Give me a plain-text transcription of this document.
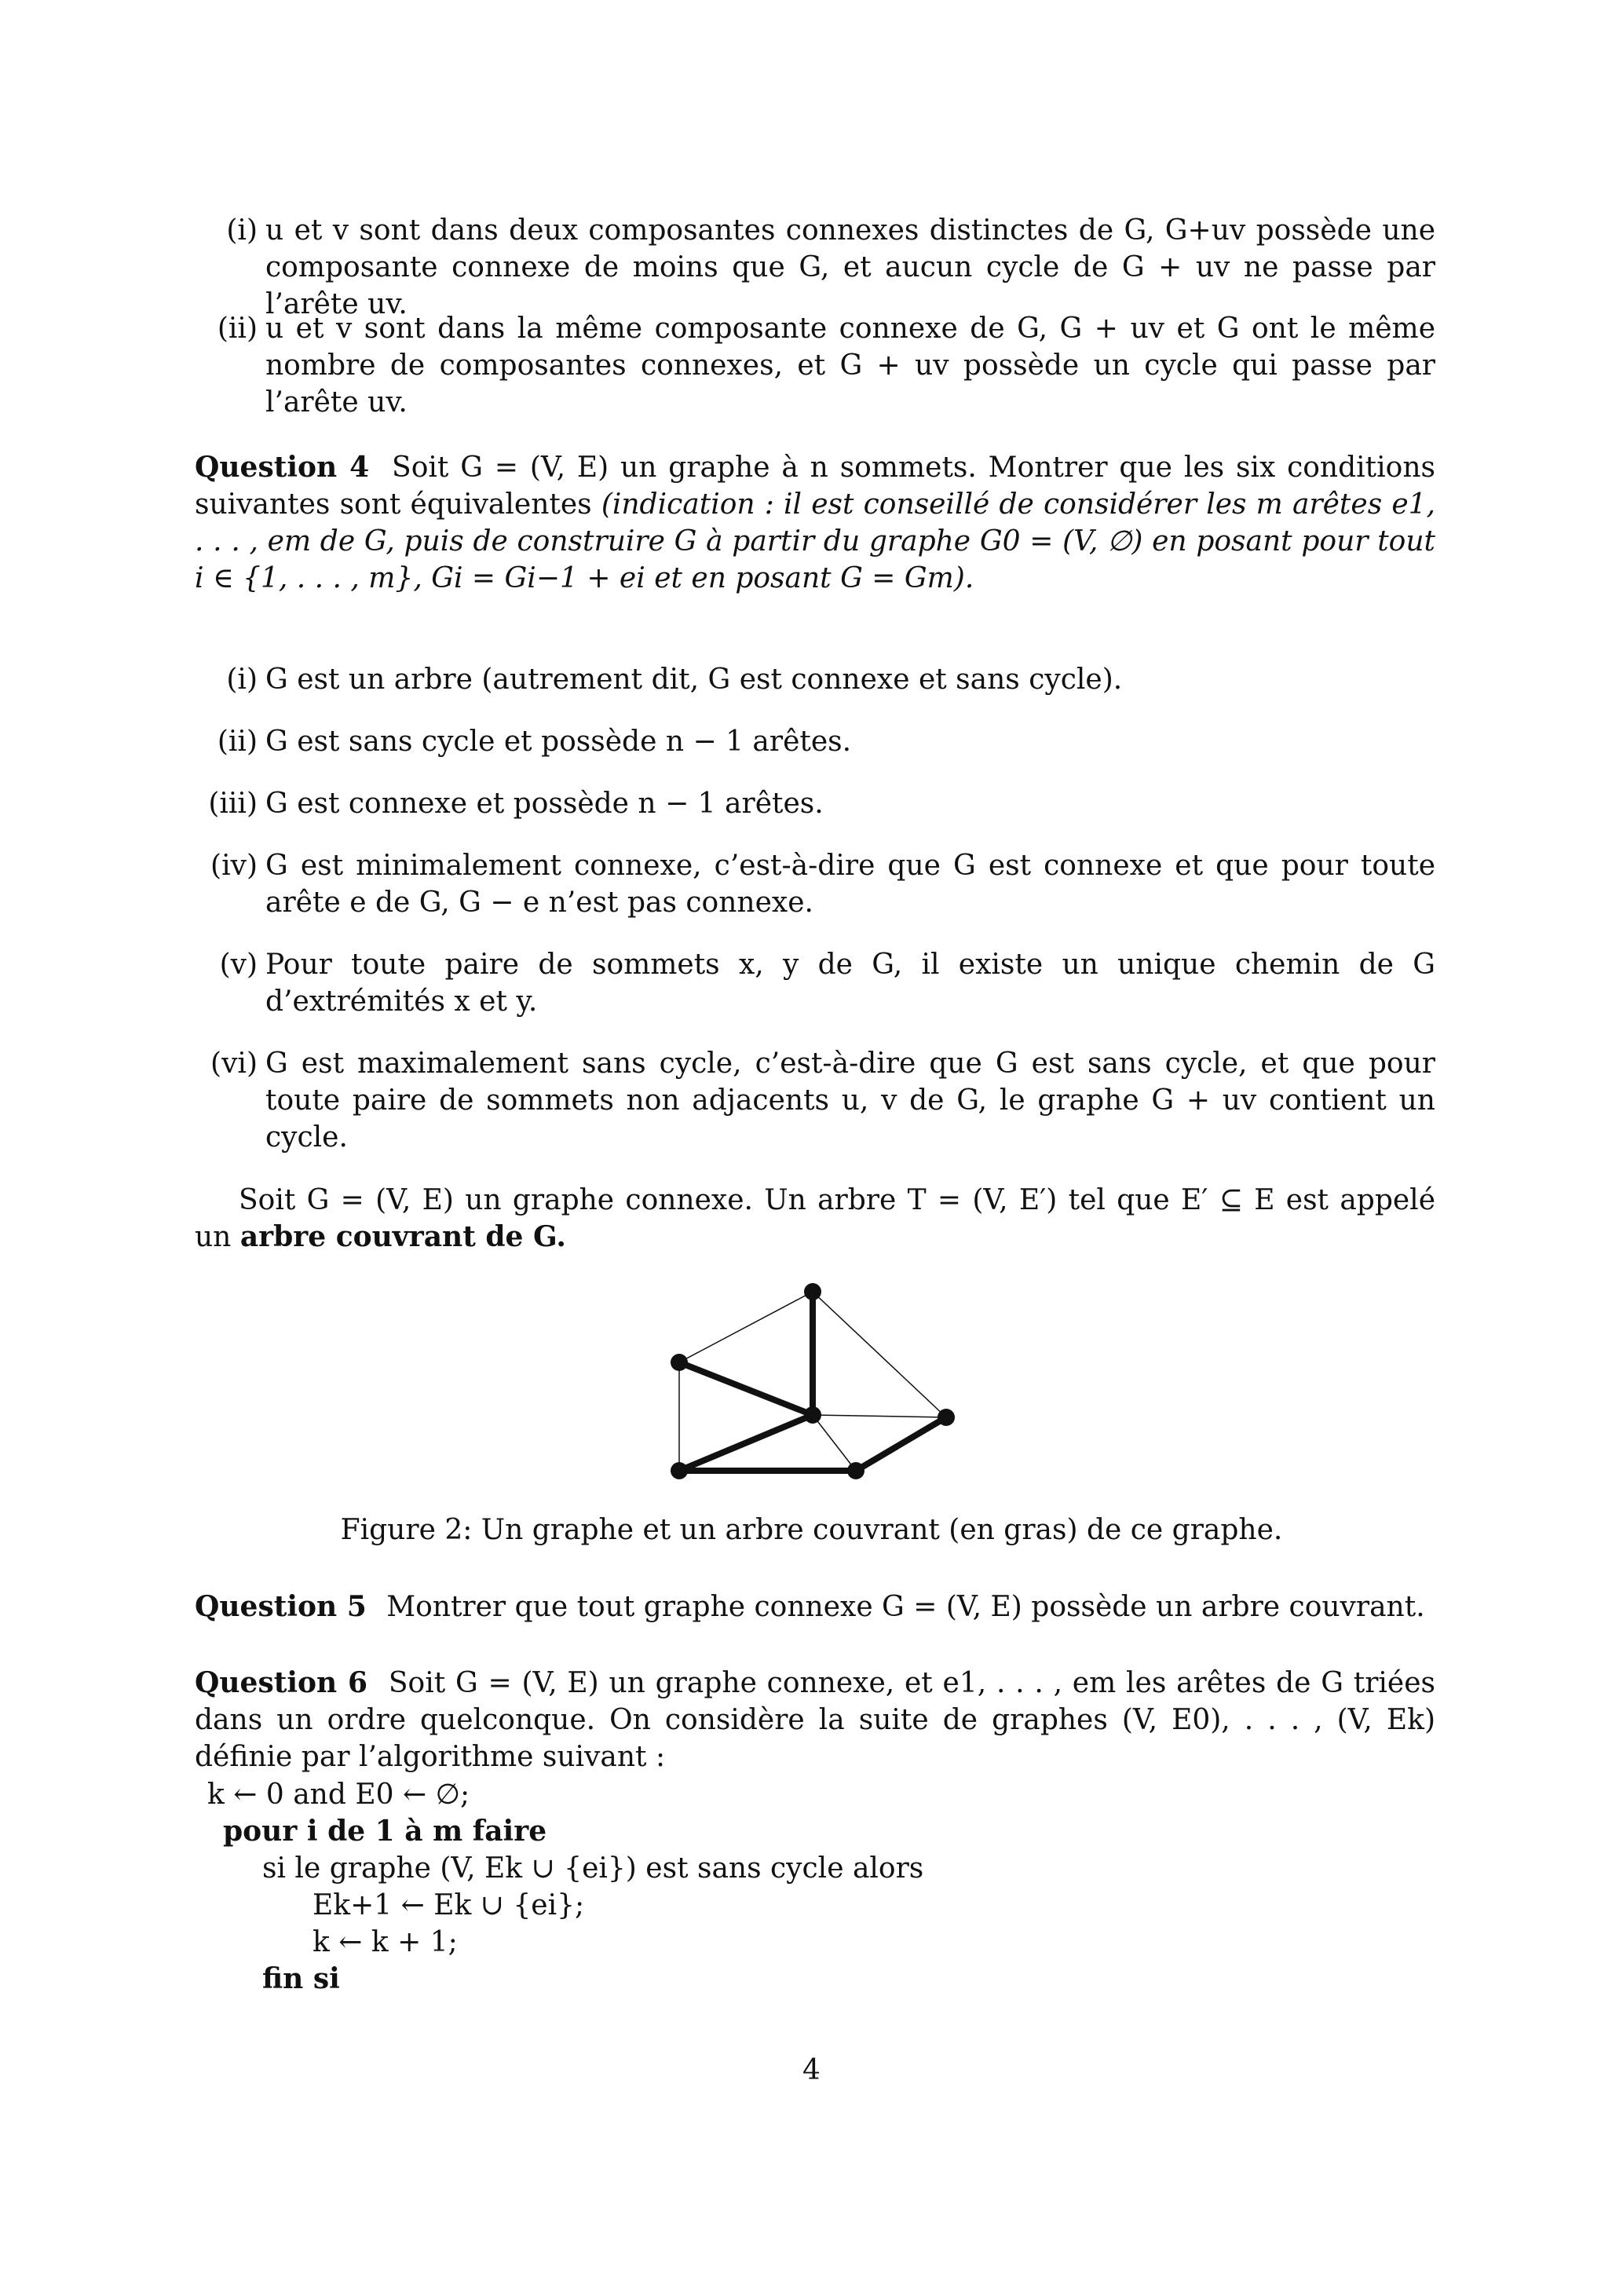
(i) u et v sont dans deux composantes connexes distinctes de G, G+uv possède une composante connexe de moins que G, et aucun cycle de G + uv ne passe par l’arête uv.
(ii) u et v sont dans la même composante connexe de G, G + uv et G ont le même nombre de composantes connexes, et G + uv possède un cycle qui passe par l’arête uv.
Question 4 Soit G = (V, E) un graphe à n sommets. Montrer que les six conditions suivantes sont équivalentes (indication : il est conseillé de considérer les m arêtes e1, . . . , em de G, puis de construire G à partir du graphe G0 = (V, ∅) en posant pour tout i ∈ {1, . . . , m}, Gi = Gi−1 + ei et en posant G = Gm).
(i) G est un arbre (autrement dit, G est connexe et sans cycle).
(ii) G est sans cycle et possède n − 1 arêtes.
(iii) G est connexe et possède n − 1 arêtes.
(iv) G est minimalement connexe, c’est-à-dire que G est connexe et que pour toute arête e de G, G − e n’est pas connexe.
(v) Pour toute paire de sommets x, y de G, il existe un unique chemin de G d’extrémités x et y.
(vi) G est maximalement sans cycle, c’est-à-dire que G est sans cycle, et que pour toute paire de sommets non adjacents u, v de G, le graphe G + uv contient un cycle.
Soit G = (V, E) un graphe connexe. Un arbre T = (V, E′) tel que E′ ⊆ E est appelé un arbre couvrant de G.
Figure 2: Un graphe et un arbre couvrant (en gras) de ce graphe.
Question 5 Montrer que tout graphe connexe G = (V, E) possède un arbre couvrant.
Question 6 Soit G = (V, E) un graphe connexe, et e1, . . . , em les arêtes de G triées dans un ordre quelconque. On considère la suite de graphes (V, E0), . . . , (V, Ek) définie par l’algorithme suivant :
k ← 0 and E0 ← ∅;
pour i de 1 à m faire
si le graphe (V, Ek ∪ {ei}) est sans cycle alors
Ek+1 ← Ek ∪ {ei};
k ← k + 1;
fin si
4
